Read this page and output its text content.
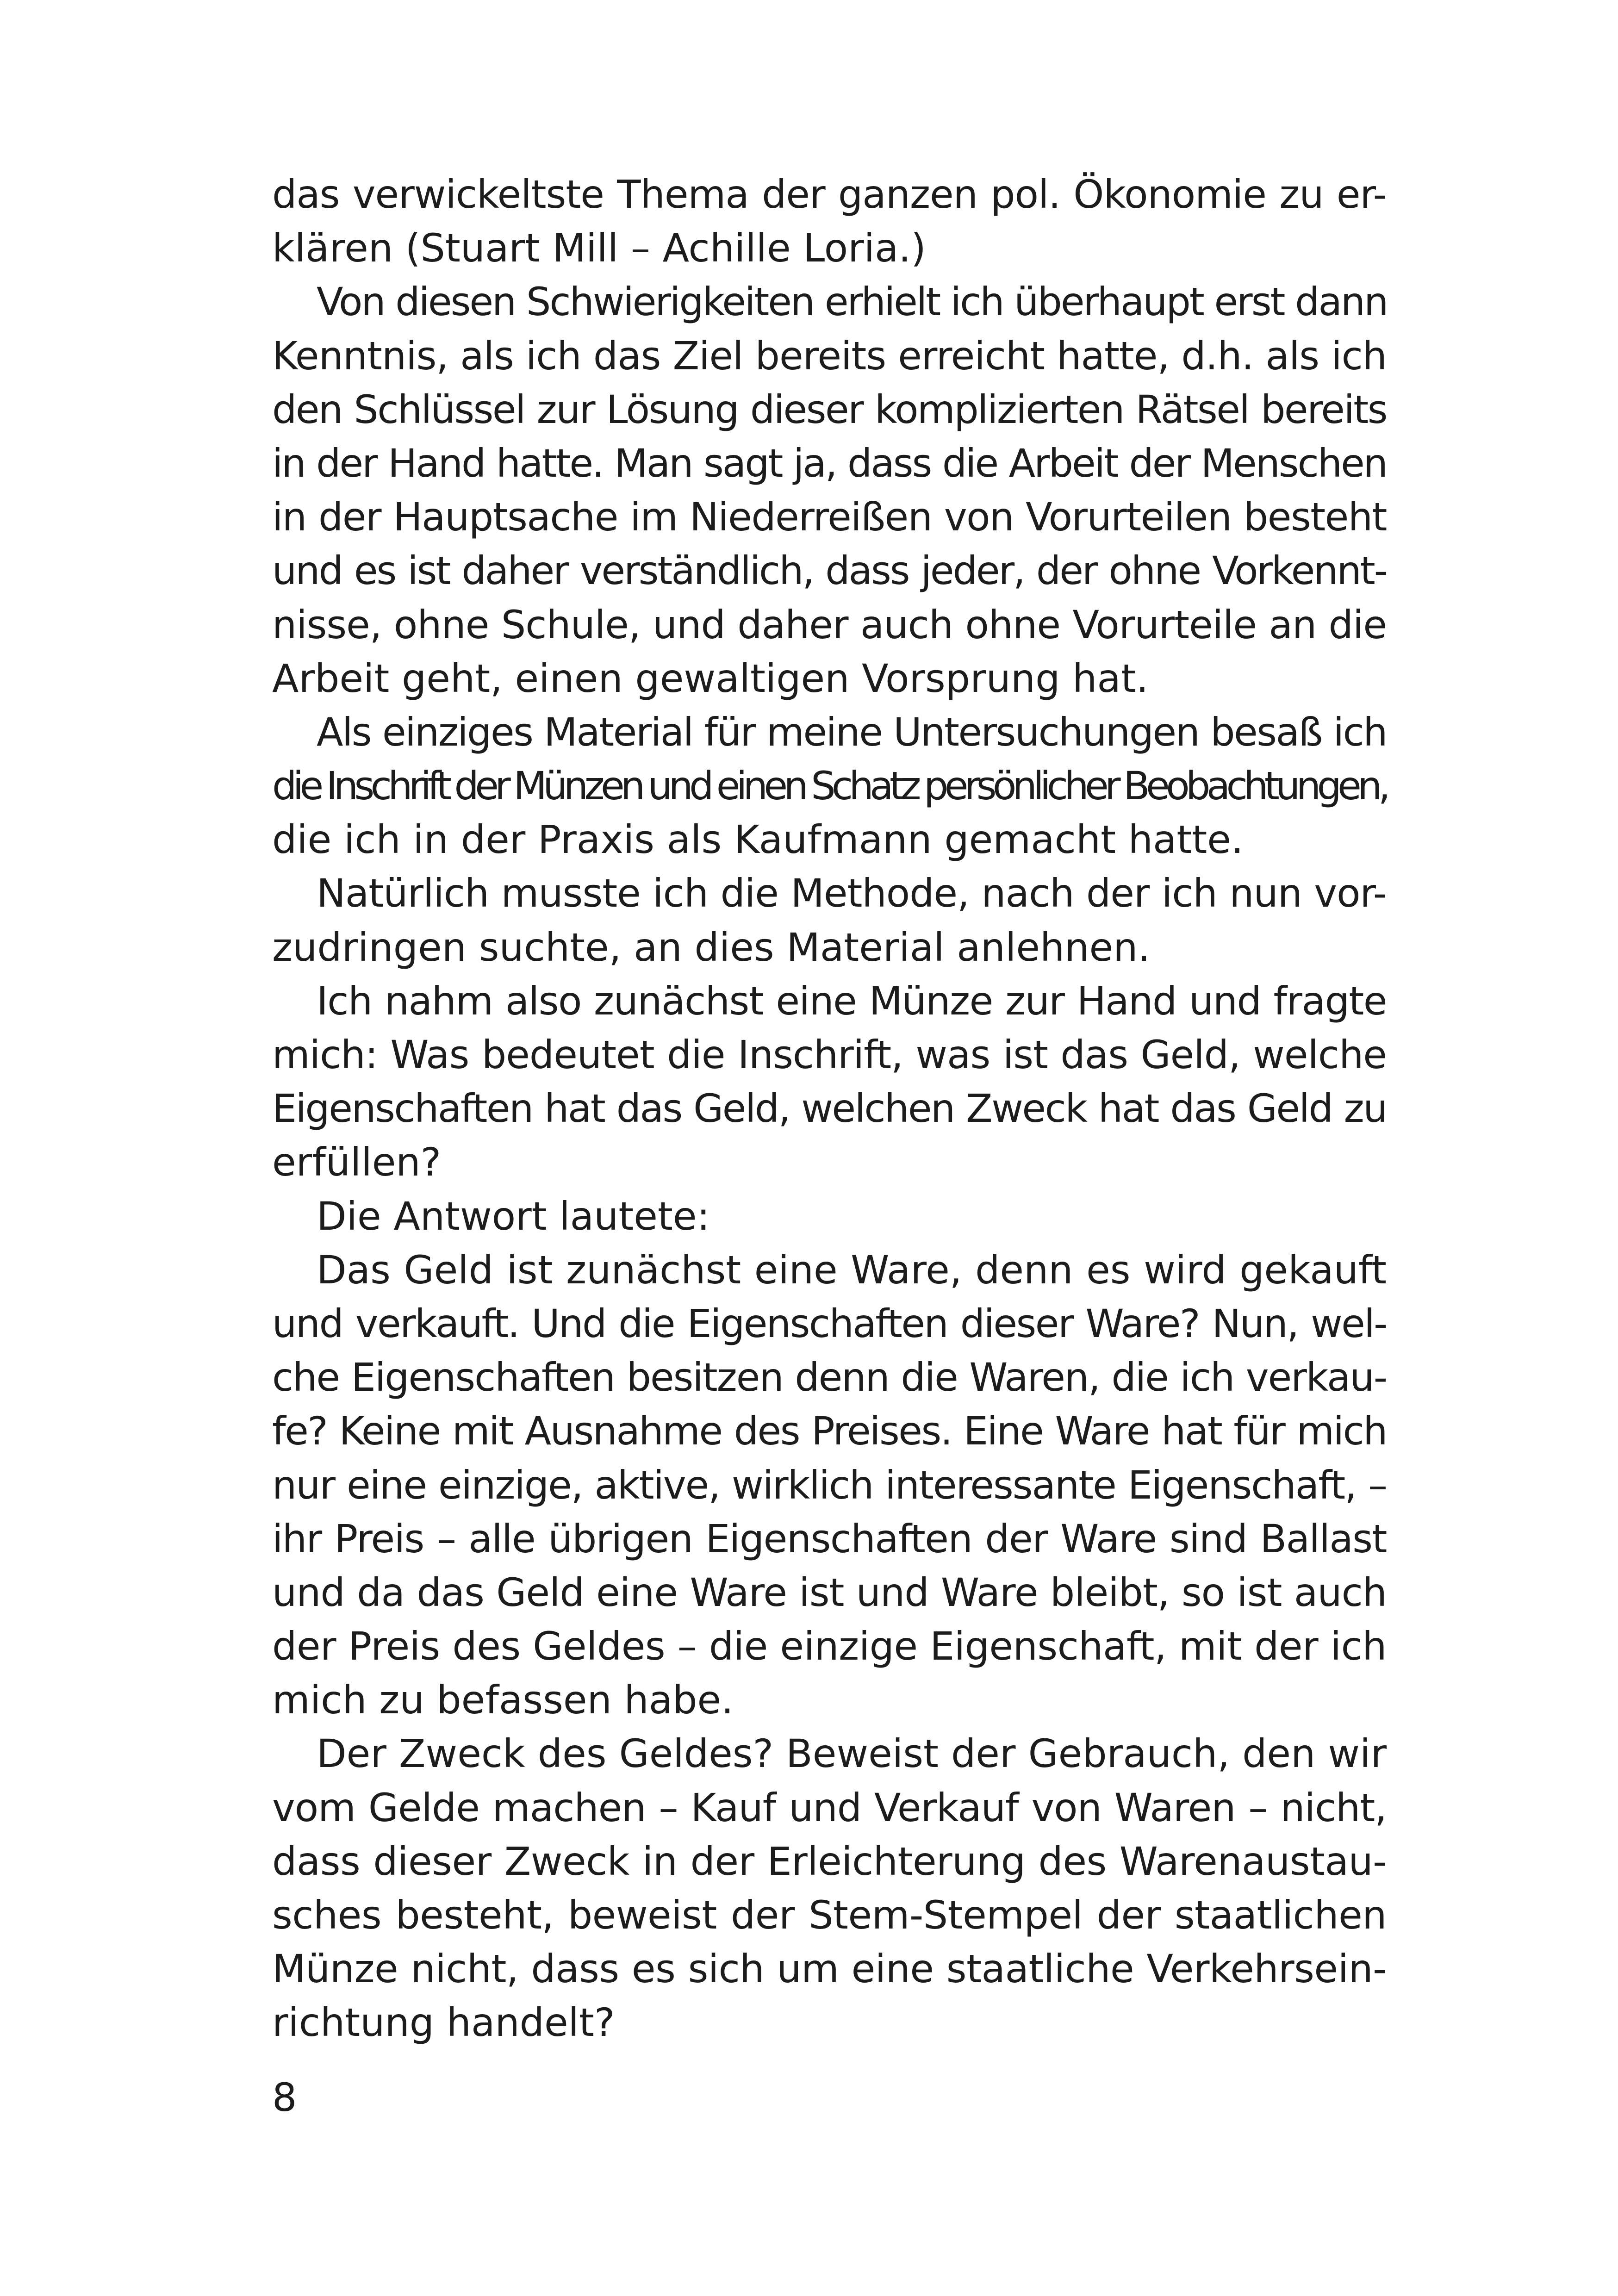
das verwickeltste Thema der ganzen pol. Ökonomie zu er-
klären (Stuart Mill – Achille Loria.)
Von diesen Schwierigkeiten erhielt ich überhaupt erst dann
Kenntnis, als ich das Ziel bereits erreicht hatte, d.h. als ich
den Schlüssel zur Lösung dieser komplizierten Rätsel bereits
in der Hand hatte. Man sagt ja, dass die Arbeit der Menschen
in der Hauptsache im Niederreißen von Vorurteilen besteht
und es ist daher verständlich, dass jeder, der ohne Vorkennt-
nisse, ohne Schule, und daher auch ohne Vorurteile an die
Arbeit geht, einen gewaltigen Vorsprung hat.
Als einziges Material für meine Untersuchungen besaß ich
die Inschrift der Münzen und einen Schatz persönlicher Beobachtungen,
die ich in der Praxis als Kaufmann gemacht hatte.
Natürlich musste ich die Methode, nach der ich nun vor-
zudringen suchte, an dies Material anlehnen.
Ich nahm also zunächst eine Münze zur Hand und fragte
mich: Was bedeutet die Inschrift, was ist das Geld, welche
Eigenschaften hat das Geld, welchen Zweck hat das Geld zu
erfüllen?
Die Antwort lautete:
Das Geld ist zunächst eine Ware, denn es wird gekauft
und verkauft. Und die Eigenschaften dieser Ware? Nun, wel-
che Eigenschaften besitzen denn die Waren, die ich verkau-
fe? Keine mit Ausnahme des Preises. Eine Ware hat für mich
nur eine einzige, aktive, wirklich interessante Eigenschaft, –
ihr Preis – alle übrigen Eigenschaften der Ware sind Ballast
und da das Geld eine Ware ist und Ware bleibt, so ist auch
der Preis des Geldes – die einzige Eigenschaft, mit der ich
mich zu befassen habe.
Der Zweck des Geldes? Beweist der Gebrauch, den wir
vom Gelde machen – Kauf und Verkauf von Waren – nicht,
dass dieser Zweck in der Erleichterung des Warenaustau-
sches besteht, beweist der Stem-Stempel der staatlichen
Münze nicht, dass es sich um eine staatliche Verkehrsein-
richtung handelt?
8
